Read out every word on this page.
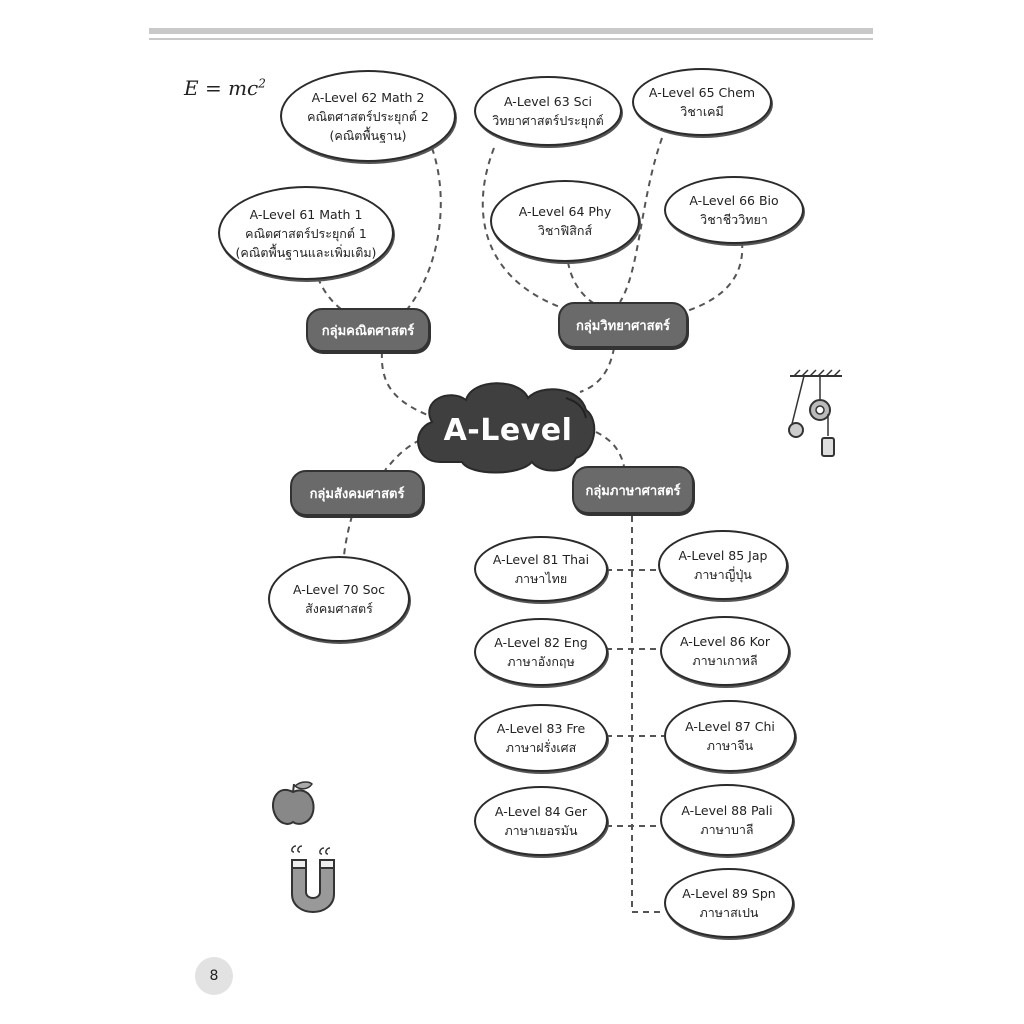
$E = mc^2$
A-Level
กลุ่มคณิตศาสตร์	กลุ่มวิทยาศาสตร์
กลุ่มสังคมศาสตร์	กลุ่มภาษาศาสตร์
A-Level 62 Math 2
คณิตศาสตร์ประยุกต์ 2
(คณิตพื้นฐาน)
A-Level 61 Math 1
คณิตศาสตร์ประยุกต์ 1
(คณิตพื้นฐานและเพิ่มเติม)
A-Level 63 Sci
วิทยาศาสตร์ประยุกต์
A-Level 65 Chem
วิชาเคมี
A-Level 64 Phy
วิชาฟิสิกส์
A-Level 66 Bio
วิชาชีววิทยา
A-Level 70 Soc
สังคมศาสตร์
A-Level 81 Thai
ภาษาไทย
A-Level 82 Eng
ภาษาอังกฤษ
A-Level 83 Fre
ภาษาฝรั่งเศส
A-Level 84 Ger
ภาษาเยอรมัน
A-Level 85 Jap
ภาษาญี่ปุ่น
A-Level 86 Kor
ภาษาเกาหลี
A-Level 87 Chi
ภาษาจีน
A-Level 88 Pali
ภาษาบาลี
A-Level 89 Spn
ภาษาสเปน
8
